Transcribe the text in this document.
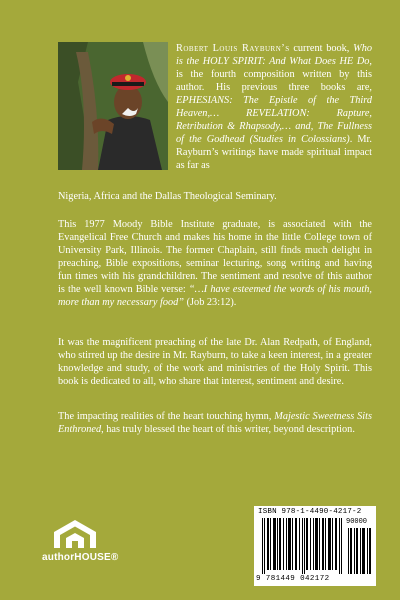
Robert Louis Rayburn’s current book, Who is the HOLY SPIRIT: And What Does HE Do, is the fourth composition written by this author. His previous three books are, EPHESIANS: The Epistle of the Third Heaven,… REVELATION: Rapture, Retribution & Rhapsody,… and, The Fullness of the Godhead (Studies in Colossians). Mr. Rayburn’s writings have made spiritual impact as far as

Nigeria, Africa and the Dallas Theological Seminary.

This 1977 Moody Bible Institute graduate, is associated with the Evangelical Free Church and makes his home in the little College town of University Park, Illinois. The former Chaplain, still finds much delight in preaching, Bible expositions, seminar lecturing, song writing and having fun times with his grandchildren. The sentiment and resolve of this author is the well known Bible verse: “…I have esteemed the words of his mouth, more than my necessary food” (Job 23:12).

It was the magnificent preaching of the late Dr. Alan Redpath, of England, who stirred up the desire in Mr. Rayburn, to take a keen interest, in a greater knowledge and study, of the work and ministries of the Holy Spirit. This book is dedicated to all, who share that interest, sentiment and desire.

The impacting realities of the heart touching hymn, Majestic Sweetness Sits Enthroned, has truly blessed the heart of this writer, beyond description.

authorHOUSE®
ISBN 978-1-4490-4217-2
90000
9 781449 042172
